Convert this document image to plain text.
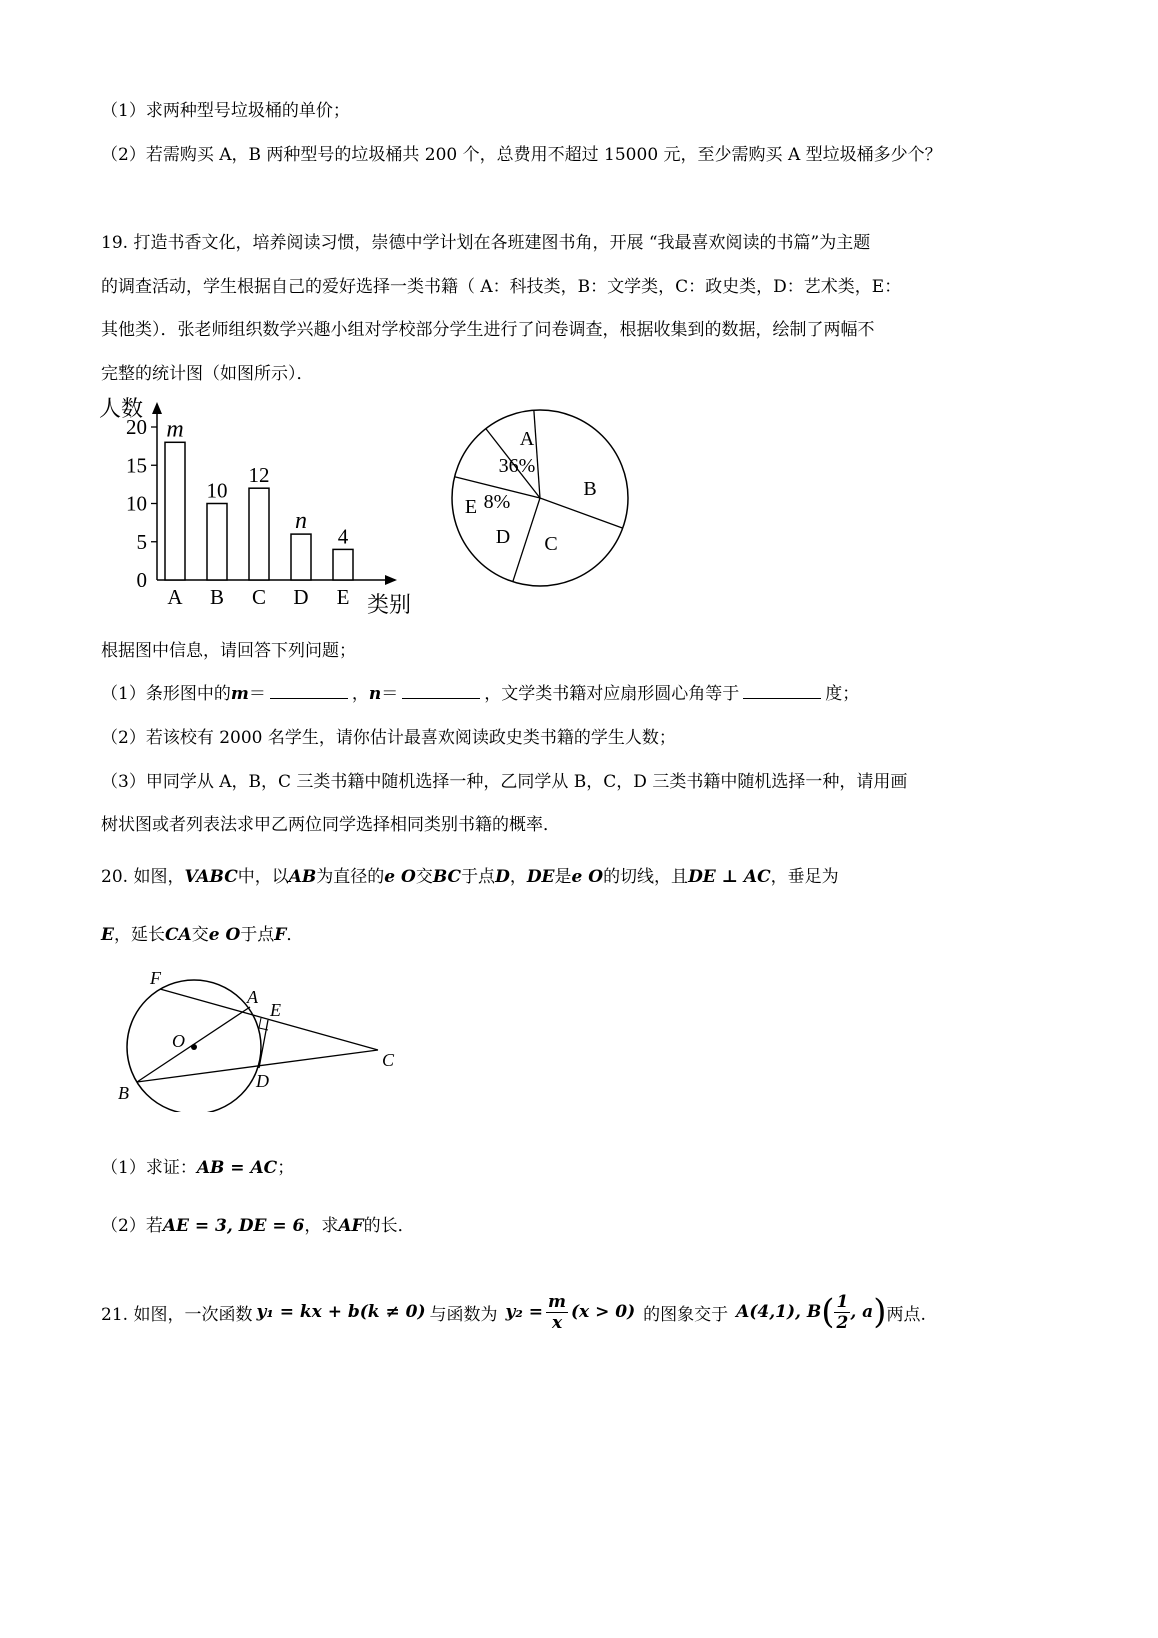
（1）求两种型号垃圾桶的单价；
（2）若需购买 A，B 两种型号的垃圾桶共 200 个，总费用不超过 15000 元，至少需购买 A 型垃圾桶多少个？
19. 打造书香文化，培养阅读习惯，崇德中学计划在各班建图书角，开展 “我最喜欢阅读的书篇”为主题
的调查活动，学生根据自己的爱好选择一类书籍（ A：科技类，B：文学类，C：政史类，D：艺术类，E：
其他类）．张老师组织数学兴趣小组对学校部分学生进行了问卷调查，根据收集到的数据，绘制了两幅不
完整的统计图（如图所示）．
人数
类别
0
5
10
15
20 m
A
10
B
12
C
n
D
4
E
A
36%
B
C
D
E 8%
根据图中信息，请回答下列问题；
（1）条形图中的m＝	，n＝	，文学类书籍对应扇形圆心角等于	度；
（2）若该校有 2000 名学生，请你估计最喜欢阅读政史类书籍的学生人数；
（3）甲同学从 A，B，C 三类书籍中随机选择一种，乙同学从 B，C，D 三类书籍中随机选择一种，请用画
树状图或者列表法求甲乙两位同学选择相同类别书籍的概率．
20. 如图，VABC中，以AB为直径的e O交BC于点D，DE是e O的切线，且DE ⊥ AC，垂足为
E，延长CA交e O于点F．
F
A
E
O
B
D
C
（1）求证：AB = AC；
（2）若AE = 3, DE = 6，求AF的长．
21. 如图，一次函数 y₁ = kx + b(k ≠ 0) 与函数为 $y_2 = \frac{m}{x} (x > 0)$ 的图象交于 A(4,1), B ( $\frac{1}{2}$ , a ) 两点.
